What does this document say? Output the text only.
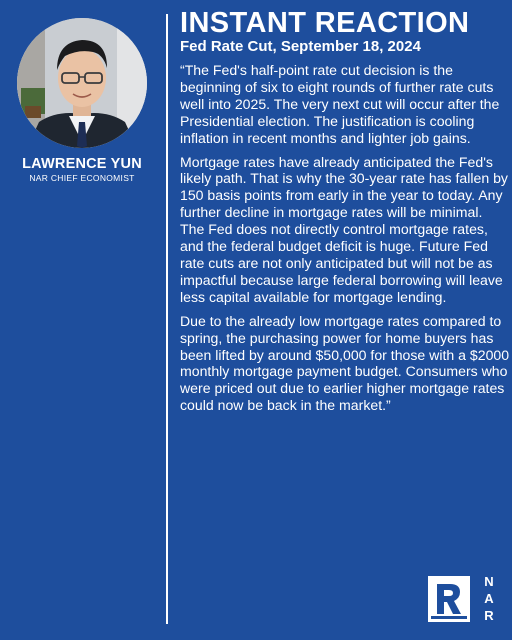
LAWRENCE YUN
NAR CHIEF ECONOMIST
INSTANT REACTION
Fed Rate Cut, September 18, 2024

“The Fed's half-point rate cut decision is the beginning of six to eight rounds of further rate cuts well into 2025. The very next cut will occur after the Presidential election. The justification is cooling inflation in recent months and lighter job gains.

Mortgage rates have already anticipated the Fed's likely path. That is why the 30-year rate has fallen by 150 basis points from early in the year to today. Any further decline in mortgage rates will be minimal. The Fed does not directly control mortgage rates, and the federal budget deficit is huge. Future Fed rate cuts are not only anticipated but will not be as impactful because large federal borrowing will leave less capital available for mortgage lending.

Due to the already low mortgage rates compared to spring, the purchasing power for home buyers has been lifted by around $50,000 for those with a $2000 monthly mortgage payment budget. Consumers who were priced out due to earlier higher mortgage rates could now be back in the market.”

N
A
R
